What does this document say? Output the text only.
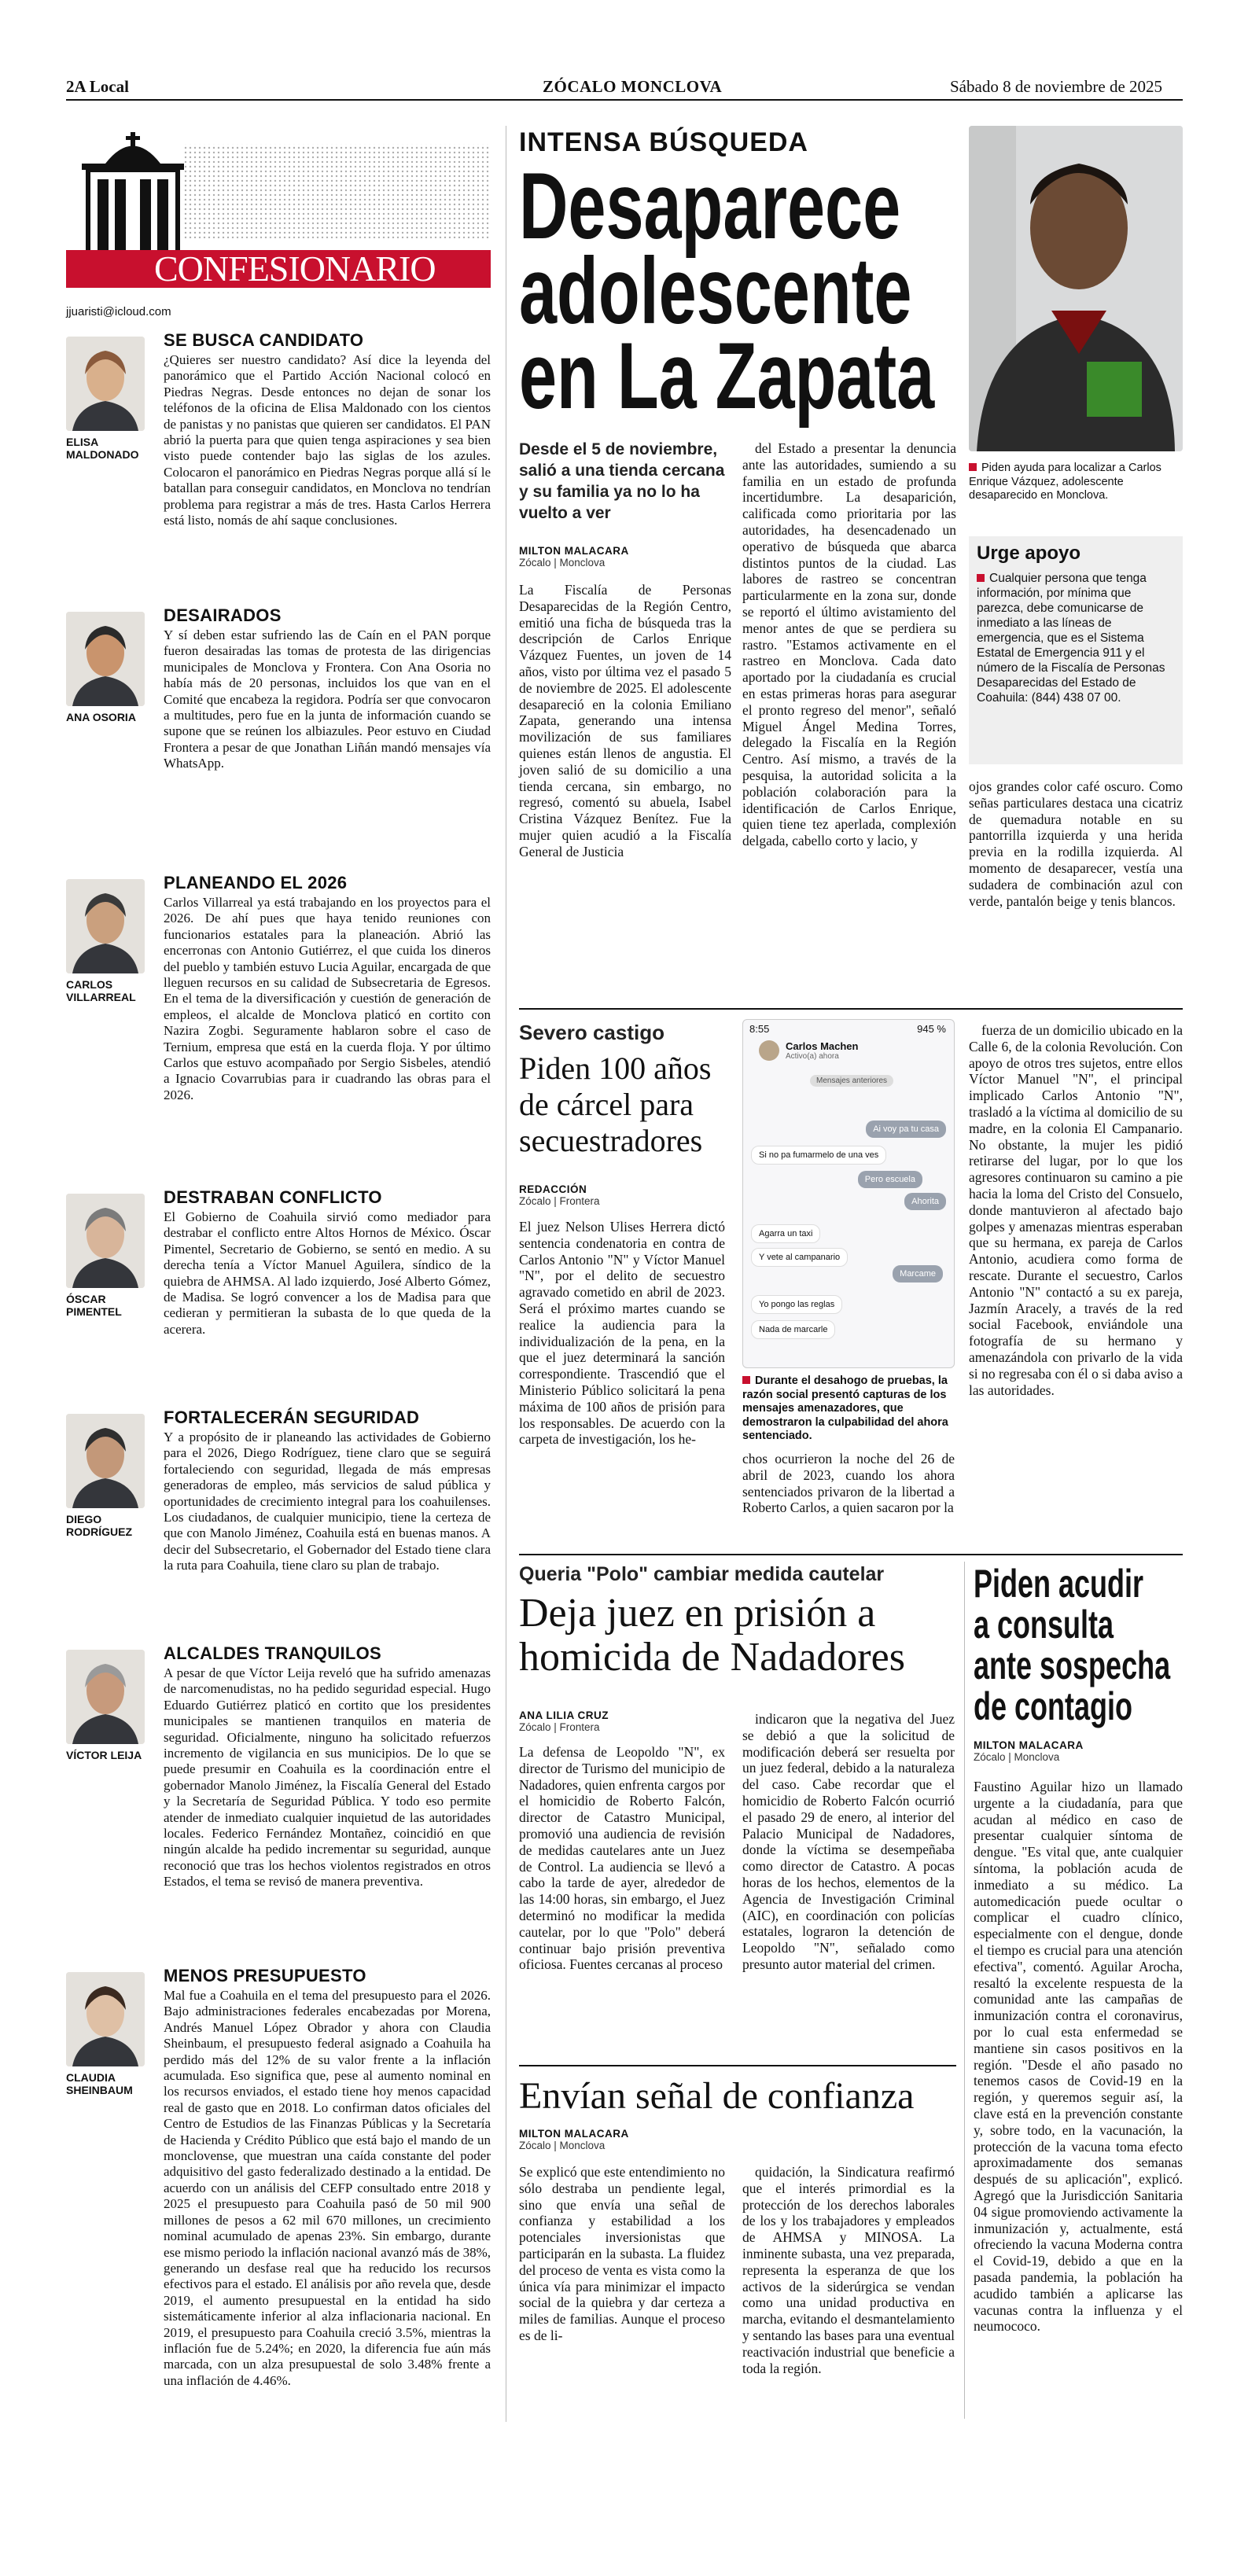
2A Local	ZÓCALO MONCLOVA	Sábado 8 de noviembre de 2025
CONFESIONARIO
jjuaristi@icloud.com
ELISA MALDONADO
SE BUSCA CANDIDATO

¿Quieres ser nuestro candidato? Así dice la leyenda del panorámico que el Partido Acción Nacional colocó en Piedras Negras. Desde entonces no dejan de sonar los teléfonos de la oficina de Elisa Maldonado con los cientos de panistas y no panistas que quieren ser candidatos. El PAN abrió la puerta para que quien tenga aspiraciones y sea bien visto puede contender bajo las siglas de los azules. Colocaron el panorámico en Piedras Negras porque allá sí le batallan para conseguir candidatos, en Monclova no tendrían problema para registrar a más de tres. Hasta Carlos Herrera está listo, nomás de ahí saque conclusiones.

ANA OSORIA
DESAIRADOS

Y sí deben estar sufriendo las de Caín en el PAN porque fueron desairadas las tomas de protesta de las dirigencias municipales de Monclova y Frontera. Con Ana Osoria no había más de 20 personas, incluidos los que van en el Comité que encabeza la regidora. Podría ser que convocaron a multitudes, pero fue en la junta de información cuando se supone que se reúnen los albiazules. Peor estuvo en Ciudad Frontera a pesar de que Jonathan Liñán mandó mensajes vía WhatsApp.

CARLOS VILLARREAL
PLANEANDO EL 2026

Carlos Villarreal ya está trabajando en los proyectos para el 2026. De ahí pues que haya tenido reuniones con funcionarios estatales para la planeación. Abrió las encerronas con Antonio Gutiérrez, el que cuida los dineros del pueblo y también estuvo Lucia Aguilar, encargada de que lleguen recursos en su calidad de Subsecretaria de Egresos. En el tema de la diversificación y cuestión de generación de empleos, el alcalde de Monclova platicó en cortito con Nazira Zogbi. Seguramente hablaron sobre el caso de Ternium, empresa que está en la cuerda floja. Y por último Carlos que estuvo acompañado por Sergio Sisbeles, atendió a Ignacio Covarrubias para ir cuadrando las obras para el 2026.

ÓSCAR PIMENTEL
DESTRABAN CONFLICTO

El Gobierno de Coahuila sirvió como mediador para destrabar el conflicto entre Altos Hornos de México. Óscar Pimentel, Secretario de Gobierno, se sentó en medio. A su derecha tenía a Víctor Manuel Aguilera, síndico de la quiebra de AHMSA. Al lado izquierdo, José Alberto Gómez, de Madisa. Se logró convencer a los de Madisa para que cedieran y permitieran la subasta de lo que queda de la acerera.

DIEGO RODRÍGUEZ
FORTALECERÁN SEGURIDAD

Y a propósito de ir planeando las actividades de Gobierno para el 2026, Diego Rodríguez, tiene claro que se seguirá fortaleciendo con seguridad, llegada de más empresas generadoras de empleo, más servicios de salud pública y oportunidades de crecimiento integral para los coahuilenses. Los ciudadanos, de cualquier municipio, tiene la certeza de que con Manolo Jiménez, Coahuila está en buenas manos. A decir del Subsecretario, el Gobernador del Estado tiene clara la ruta para Coahuila, tiene claro su plan de trabajo.

VÍCTOR LEIJA
ALCALDES TRANQUILOS

A pesar de que Víctor Leija reveló que ha sufrido amenazas de narcomenudistas, no ha pedido seguridad especial. Hugo Eduardo Gutiérrez platicó en cortito que los presidentes municipales se mantienen tranquilos en materia de seguridad. Oficialmente, ninguno ha solicitado refuerzos incremento de vigilancia en sus municipios. De lo que se puede presumir en Coahuila es la coordinación entre el gobernador Manolo Jiménez, la Fiscalía General del Estado y la Secretaría de Seguridad Pública. Y todo eso permite atender de inmediato cualquier inquietud de las autoridades locales. Federico Fernández Montañez, coincidió en que ningún alcalde ha pedido incrementar su seguridad, aunque reconoció que tras los hechos violentos registrados en otros Estados, el tema se revisó de manera preventiva.

CLAUDIA SHEINBAUM
MENOS PRESUPUESTO

Mal fue a Coahuila en el tema del presupuesto para el 2026. Bajo administraciones federales encabezadas por Morena, Andrés Manuel López Obrador y ahora con Claudia Sheinbaum, el presupuesto federal asignado a Coahuila ha perdido más del 12% de su valor frente a la inflación acumulada. Eso significa que, pese al aumento nominal en los recursos enviados, el estado tiene hoy menos capacidad real de gasto que en 2018. Lo confirman datos oficiales del Centro de Estudios de las Finanzas Públicas y la Secretaría de Hacienda y Crédito Público que está bajo el mando de un monclovense, que muestran una caída constante del poder adquisitivo del gasto federalizado destinado a la entidad. De acuerdo con un análisis del CEFP consultado entre 2018 y 2025 el presupuesto para Coahuila pasó de 50 mil 900 millones de pesos a 62 mil 670 millones, un crecimiento nominal acumulado de apenas 23%. Sin embargo, durante ese mismo periodo la inflación nacional avanzó más de 38%, generando un desfase real que ha reducido los recursos efectivos para el estado. El análisis por año revela que, desde 2019, el aumento presupuestal en la entidad ha sido sistemáticamente inferior al alza inflacionaria nacional. En 2019, el presupuesto para Coahuila creció 3.5%, mientras la inflación fue de 5.24%; en 2020, la diferencia fue aún más marcada, con un alza presupuestal de solo 3.48% frente a una inflación de 4.46%.

INTENSA BÚSQUEDA
Desaparece
adolescente
en La Zapata
Desde el 5 de noviembre, salió a una tienda cercana y su familia ya no lo ha vuelto a ver
MILTON MALACARA
Zócalo | Monclova

La Fiscalía de Personas Desaparecidas de la Región Centro, emitió una ficha de búsqueda tras la descripción de Carlos Enrique Vázquez Fuentes, un joven de 14 años, visto por última vez el pasado 5 de noviembre de 2025. El adolescente desapareció en la colonia Emiliano Zapata, generando una intensa movilización de sus familiares quienes están llenos de angustia. El joven salió de su domicilio a una tienda cercana, sin embargo, no regresó, comentó su abuela, Isabel Cristina Vázquez Benítez. Fue la mujer quien acudió a la Fiscalía General de Justicia

del Estado a presentar la denuncia ante las autoridades, sumiendo a su familia en un estado de profunda incertidumbre. La desaparición, calificada como prioritaria por las autoridades, ha desencadenado un operativo de búsqueda que abarca distintos puntos de la ciudad. Las labores de rastreo se concentran particularmente en la zona sur, donde se reportó el último avistamiento del menor antes de que se perdiera su rastro. "Estamos activamente en el rastreo en Monclova. Cada dato aportado por la ciudadanía es crucial en estas primeras horas para asegurar el pronto regreso del menor", señaló Miguel Ángel Medina Torres, delegado la Fiscalía en la Región Centro. Así mismo, a través de la pesquisa, la autoridad solicita a la población colaboración para la identificación de Carlos Enrique, quien tiene tez aperlada, complexión delgada, cabello corto y lacio, y

Piden ayuda para localizar a Carlos Enrique Vázquez, adolescente desaparecido en Monclova.
Urge apoyo

Cualquier persona que tenga información, por mínima que parezca, debe comunicarse de inmediato a las líneas de emergencia, que es el Sistema Estatal de Emergencia 911 y el número de la Fiscalía de Personas Desaparecidas del Estado de Coahuila: (844) 438 07 00.

ojos grandes color café oscuro. Como señas particulares destaca una cicatriz de quemadura notable en su pantorrilla izquierda y una herida previa en la rodilla izquierda. Al momento de desaparecer, vestía una sudadera de combinación azul con verde, pantalón beige y tenis blancos.

Severo castigo
Piden 100 años de cárcel para secuestradores
REDACCIÓN
Zócalo | Frontera

El juez Nelson Ulises Herrera dictó sentencia condenatoria en contra de Carlos Antonio "N" y Víctor Manuel "N", por el delito de secuestro agravado cometido en abril de 2023. Será el próximo martes cuando se realice la audiencia para la individualización de la pena, en la que el juez determinará la sanción correspondiente. Trascendió que el Ministerio Público solicitará la pena máxima de 100 años de prisión para los responsables. De acuerdo con la carpeta de investigación, los he-

8:55	945 %
Carlos Machen
Activo(a) ahora
Mensajes anteriores
Ai voy pa tu casa
Si no pa fumarmelo de una ves
Pero escuela
Ahorita
Agarra un taxi
Y vete al campanario
Marcame
Yo pongo las reglas
Nada de marcarle
Durante el desahogo de pruebas, la razón social presentó capturas de los mensajes amenazadores, que demostraron la culpabilidad del ahora sentenciado.

chos ocurrieron la noche del 26 de abril de 2023, cuando los ahora sentenciados privaron de la libertad a Roberto Carlos, a quien sacaron por la

fuerza de un domicilio ubicado en la Calle 6, de la colonia Revolución. Con apoyo de otros tres sujetos, entre ellos Víctor Manuel "N", el principal implicado Carlos Antonio "N", trasladó a la víctima al domicilio de su madre, en la colonia El Campanario. No obstante, la mujer les pidió retirarse del lugar, por lo que los agresores continuaron su camino a pie hacia la loma del Cristo del Consuelo, donde mantuvieron al afectado bajo golpes y amenazas mientras esperaban que su hermana, ex pareja de Carlos Antonio, acudiera como forma de rescate. Durante el secuestro, Carlos Antonio "N" contactó a su ex pareja, Jazmín Aracely, a través de la red social Facebook, enviándole una fotografía de su hermano y amenazándola con privarlo de la vida si no regresaba con él o si daba aviso a las autoridades.

Queria "Polo" cambiar medida cautelar
Deja juez en prisión a homicida de Nadadores
ANA LILIA CRUZ
Zócalo | Frontera

La defensa de Leopoldo "N", ex director de Turismo del municipio de Nadadores, quien enfrenta cargos por el homicidio de Roberto Falcón, director de Catastro Municipal, promovió una audiencia de revisión de medidas cautelares ante un Juez de Control. La audiencia se llevó a cabo la tarde de ayer, alrededor de las 14:00 horas, sin embargo, el Juez determinó no modificar la medida cautelar, por lo que "Polo" deberá continuar bajo prisión preventiva oficiosa. Fuentes cercanas al proceso

indicaron que la negativa del Juez se debió a que la solicitud de modificación deberá ser resuelta por un juez federal, debido a la naturaleza del caso. Cabe recordar que el homicidio de Roberto Falcón ocurrió el pasado 29 de enero, al interior del Palacio Municipal de Nadadores, donde la víctima se desempeñaba como director de Catastro. A pocas horas de los hechos, elementos de la Agencia de Investigación Criminal (AIC), en coordinación con policías estatales, lograron la detención de Leopoldo "N", señalado como presunto autor material del crimen.

Envían señal de confianza
MILTON MALACARA
Zócalo | Monclova

Se explicó que este entendimiento no sólo destraba un pendiente legal, sino que envía una señal de confianza y estabilidad a los potenciales inversionistas que participarán en la subasta. La fluidez del proceso de venta es vista como la única vía para minimizar el impacto social de la quiebra y dar certeza a miles de familias. Aunque el proceso es de li-

quidación, la Sindicatura reafirmó que el interés primordial es la protección de los derechos laborales de los y los trabajadores y empleados de AHMSA y MINOSA. La inminente subasta, una vez preparada, representa la esperanza de que los activos de la siderúrgica se vendan como una unidad productiva en marcha, evitando el desmantelamiento y sentando las bases para una eventual reactivación industrial que beneficie a toda la región.

Piden acudir
a consulta
ante sospecha
de contagio
MILTON MALACARA
Zócalo | Monclova

Faustino Aguilar hizo un llamado urgente a la ciudadanía, para que acudan al médico en caso de presentar cualquier síntoma de dengue. "Es vital que, ante cualquier síntoma, la población acuda de inmediato a su médico. La automedicación puede ocultar o complicar el cuadro clínico, especialmente con el dengue, donde el tiempo es crucial para una atención efectiva", comentó. Aguilar Arocha, resaltó la excelente respuesta de la comunidad ante las campañas de inmunización contra el coronavirus, por lo cual esta enfermedad se mantiene sin casos positivos en la región. "Desde el año pasado no tenemos casos de Covid-19 en la región, y queremos seguir así, la clave está en la prevención constante y, sobre todo, en la vacunación, la protección de la vacuna toma efecto aproximadamente dos semanas después de su aplicación", explicó. Agregó que la Jurisdicción Sanitaria 04 sigue promoviendo activamente la inmunización y, actualmente, está ofreciendo la vacuna Moderna contra el Covid-19, debido a que en la pasada pandemia, la población ha acudido también a aplicarse las vacunas contra la influenza y el neumococo.
